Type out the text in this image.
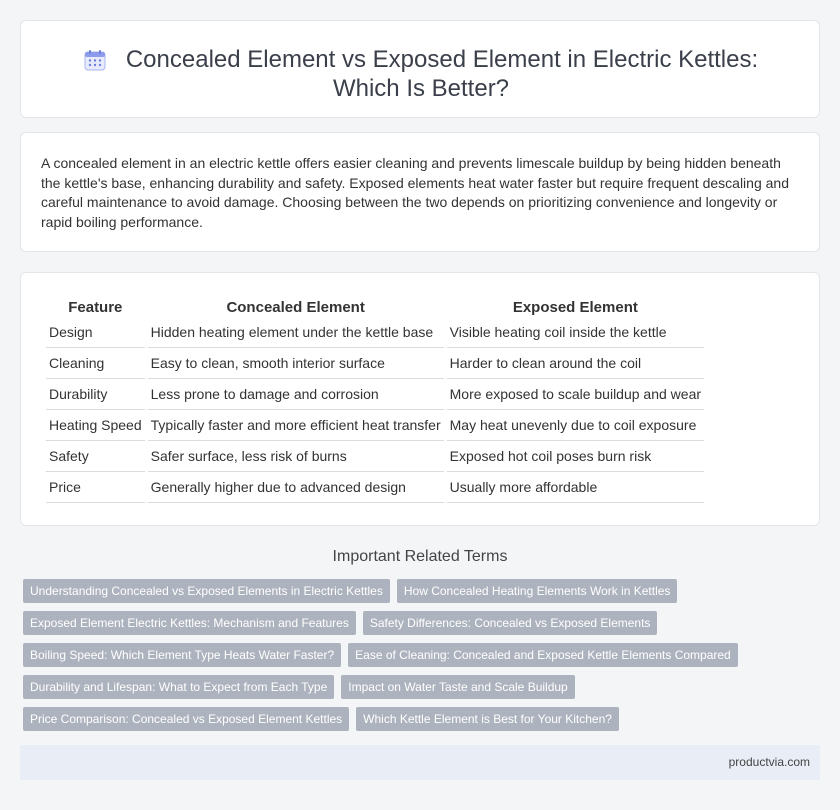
Concealed Element vs Exposed Element in Electric Kettles: Which Is Better?

A concealed element in an electric kettle offers easier cleaning and prevents limescale buildup by being hidden beneath the kettle's base, enhancing durability and safety. Exposed elements heat water faster but require frequent descaling and careful maintenance to avoid damage. Choosing between the two depends on prioritizing convenience and longevity or rapid boiling performance.

Feature	Concealed Element	Exposed Element
Design	Hidden heating element under the kettle base	Visible heating coil inside the kettle
Cleaning	Easy to clean, smooth interior surface	Harder to clean around the coil
Durability	Less prone to damage and corrosion	More exposed to scale buildup and wear
Heating Speed	Typically faster and more efficient heat transfer	May heat unevenly due to coil exposure
Safety	Safer surface, less risk of burns	Exposed hot coil poses burn risk
Price	Generally higher due to advanced design	Usually more affordable
Important Related Terms
Understanding Concealed vs Exposed Elements in Electric Kettles	How Concealed Heating Elements Work in Kettles
Exposed Element Electric Kettles: Mechanism and Features	Safety Differences: Concealed vs Exposed Elements
Boiling Speed: Which Element Type Heats Water Faster?	Ease of Cleaning: Concealed and Exposed Kettle Elements Compared
Durability and Lifespan: What to Expect from Each Type	Impact on Water Taste and Scale Buildup
Price Comparison: Concealed vs Exposed Element Kettles	Which Kettle Element is Best for Your Kitchen?
productvia.com
